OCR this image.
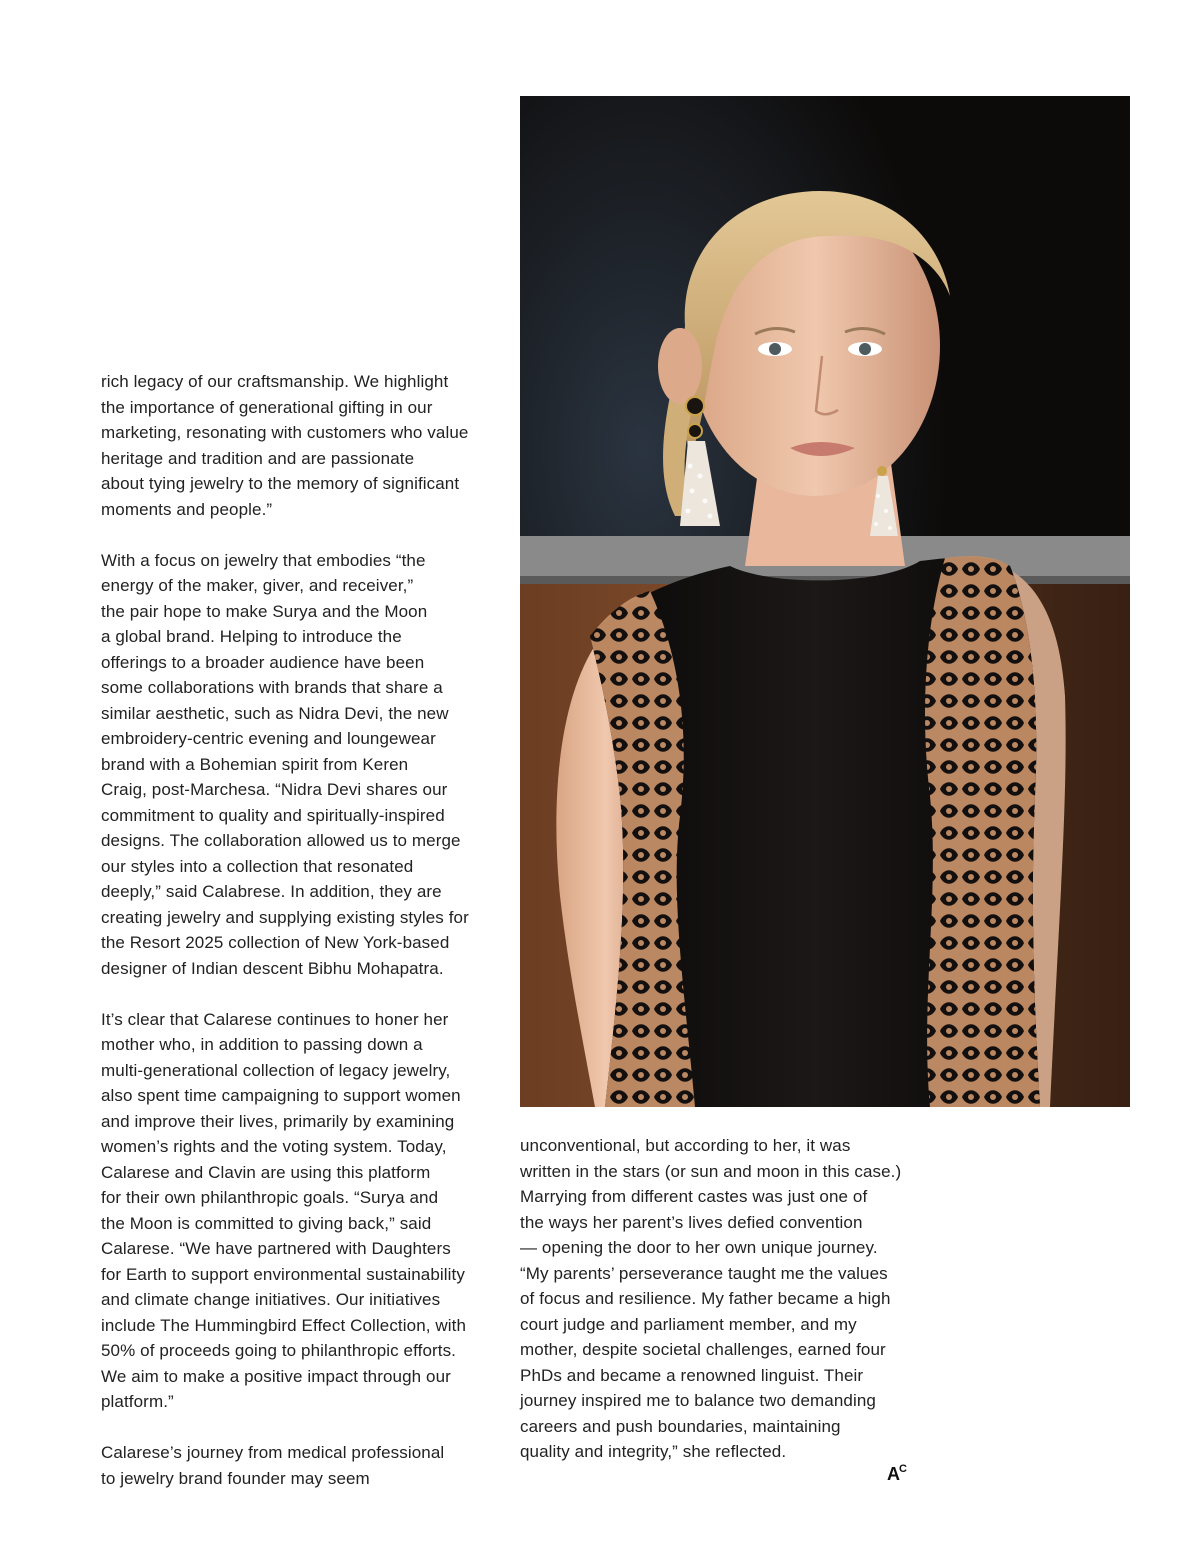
rich legacy of our craftsmanship. We highlight
the importance of generational gifting in our
marketing, resonating with customers who value
heritage and tradition and are passionate
about tying jewelry to the memory of significant
moments and people.”
With a focus on jewelry that embodies “the
energy of the maker, giver, and receiver,”
the pair hope to make Surya and the Moon
a global brand. Helping to introduce the
offerings to a broader audience have been
some collaborations with brands that share a
similar aesthetic, such as Nidra Devi, the new
embroidery-centric evening and loungewear
brand with a Bohemian spirit from Keren
Craig, post-Marchesa. “Nidra Devi shares our
commitment to quality and spiritually-inspired
designs. The collaboration allowed us to merge
our styles into a collection that resonated
deeply,” said Calabrese. In addition, they are
creating jewelry and supplying existing styles for
the Resort 2025 collection of New York-based
designer of Indian descent Bibhu Mohapatra.
It’s clear that Calarese continues to honer her
mother who, in addition to passing down a
multi-generational collection of legacy jewelry,
also spent time campaigning to support women
and improve their lives, primarily by examining
women’s rights and the voting system. Today,
Calarese and Clavin are using this platform
for their own philanthropic goals. “Surya and
the Moon is committed to giving back,” said
Calarese. “We have partnered with Daughters
for Earth to support environmental sustainability
and climate change initiatives. Our initiatives
include The Hummingbird Effect Collection, with
50% of proceeds going to philanthropic efforts.
We aim to make a positive impact through our
platform.”
Calarese’s journey from medical professional
to jewelry brand founder may seem
unconventional, but according to her, it was
written in the stars (or sun and moon in this case.)
Marrying from different castes was just one of
the ways her parent’s lives defied convention
— opening the door to her own unique journey.
“My parents’ perseverance taught me the values
of focus and resilience. My father became a high
court judge and parliament member, and my
mother, despite societal challenges, earned four
PhDs and became a renowned linguist. Their
journey inspired me to balance two demanding
careers and push boundaries, maintaining
quality and integrity,” she reflected.
$A^C$
